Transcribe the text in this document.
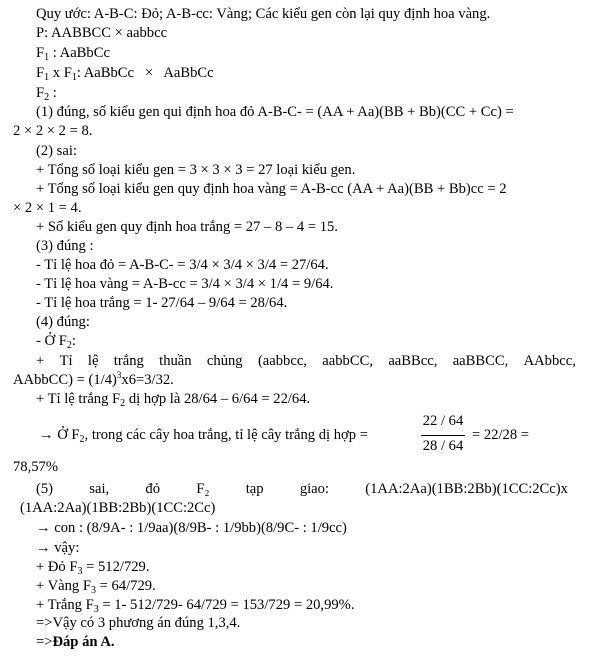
Quy ước: A-B-C: Đỏ; A-B-cc: Vàng; Các kiểu gen còn lại quy định hoa vàng.
P: AABBCC × aabbcc
$F_1$ : AaBbCc
$F_1$ x $F_1$: AaBbCc   ×   AaBbCc
$F_2$ :
(1) đúng, số kiểu gen qui định hoa đỏ A-B-C- = (AA + Aa)(BB + Bb)(CC + Cc) =
2 × 2 × 2 = 8.
(2) sai:
+ Tổng số loại kiểu gen = 3 × 3 × 3 = 27 loại kiểu gen.
+ Tổng số loại kiểu gen quy định hoa vàng = A-B-cc (AA + Aa)(BB + Bb)cc = 2
× 2 × 1 = 4.
+ Số kiểu gen quy định hoa trắng = 27 – 8 – 4 = 15.
(3) đúng :
- Tỉ lệ hoa đỏ = A-B-C- = 3/4 × 3/4 × 3/4 = 27/64.
- Tỉ lệ hoa vàng = A-B-cc = 3/4 × 3/4 × 1/4 = 9/64.
- Tỉ lệ hoa trắng = 1- 27/64 – 9/64 = 28/64.
(4) đúng:
- Ở $F_2$:
+ Tỉ lệ trắng thuần chủng (aabbcc, aabbCC, aaBBcc, aaBBCC, AAbbcc,
AAbbCC) = $(1/4)^3x6=3/32$.
+ Tỉ lệ trắng $F_2$ dị hợp là 28/64 – 6/64 = 22/64.
→ Ở $F_2$, trong các cây hoa trắng, tỉ lệ cây trắng dị hợp =
22 / 64
28 / 64
= 22/28 =
78,57%
(5) sai, đỏ F₂ tạp giao: (1AA:2Aa)(1BB:2Bb)(1CC:2Cc)x
(1AA:2Aa)(1BB:2Bb)(1CC:2Cc)
→ con : (8/9A- : 1/9aa)(8/9B- : 1/9bb)(8/9C- : 1/9cc)
→ vậy:
+ Đỏ $F_3 = 512/729$.
+ Vàng $F_3 = 64/729$.
+ Trắng $F_3 = 1-$ 512/729- 64/729 = 153/729 = 20,99%.
=>Vậy có 3 phương án đúng 1,3,4.
=>Đáp án A.
